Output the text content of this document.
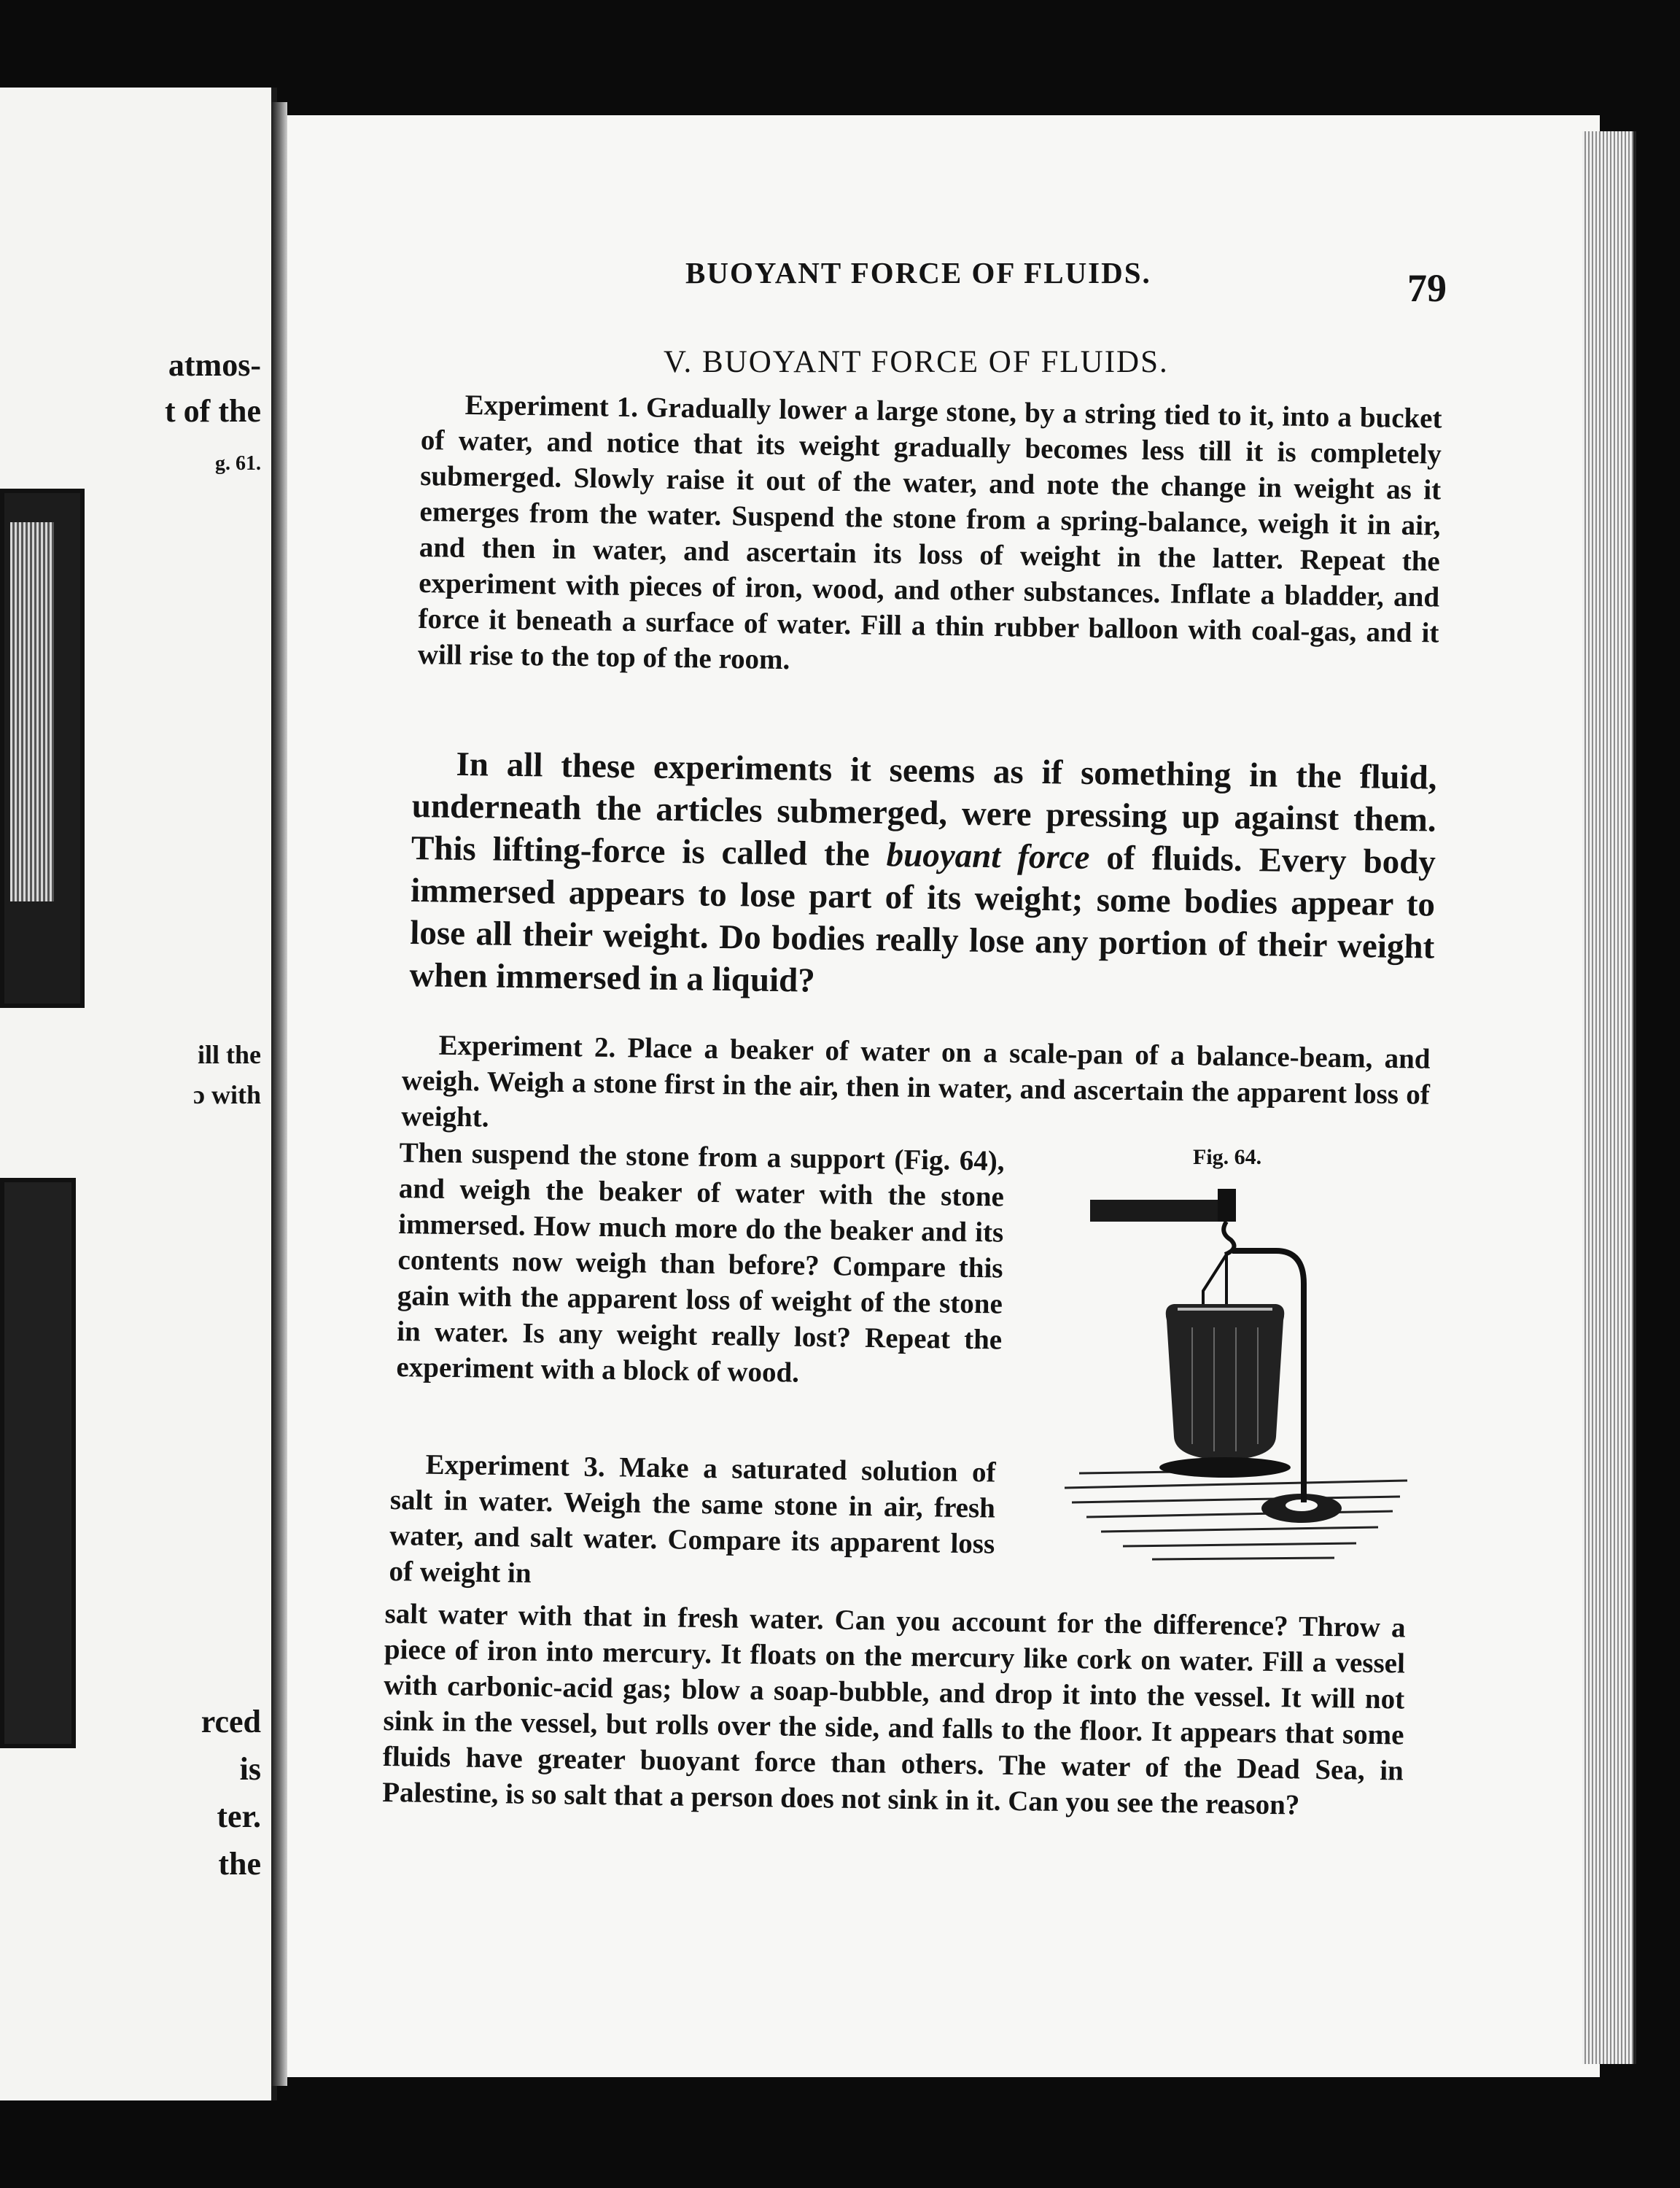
atmos-
t of the
g. 61.
ill the
ɔ with
rced
is
ter.
the
BUOYANT FORCE OF FLUIDS.	79
V. BUOYANT FORCE OF FLUIDS.

Experiment 1. Gradually lower a large stone, by a string tied to it, into a bucket of water, and notice that its weight gradually becomes less till it is completely submerged. Slowly raise it out of the water, and note the change in weight as it emerges from the water. Suspend the stone from a spring-balance, weigh it in air, and then in water, and ascertain its loss of weight in the latter. Repeat the experiment with pieces of iron, wood, and other substances. Inflate a bladder, and force it beneath a surface of water. Fill a thin rubber balloon with coal-gas, and it will rise to the top of the room.

In all these experiments it seems as if something in the fluid, underneath the articles submerged, were pressing up against them. This lifting-force is called the buoyant force of fluids. Every body immersed appears to lose part of its weight; some bodies appear to lose all their weight. Do bodies really lose any portion of their weight when immersed in a liquid?

Experiment 2. Place a beaker of water on a scale-pan of a balance-beam, and weigh. Weigh a stone first in the air, then in water, and ascertain the apparent loss of weight.

Then suspend the stone from a support (Fig. 64), and weigh the beaker of water with the stone immersed. How much more do the beaker and its contents now weigh than before? Compare this gain with the apparent loss of weight of the stone in water. Is any weight really lost? Repeat the experiment with a block of wood.

Experiment 3. Make a saturated solution of salt in water. Weigh the same stone in air, fresh water, and salt water. Compare its apparent loss of weight in

salt water with that in fresh water. Can you account for the difference? Throw a piece of iron into mercury. It floats on the mercury like cork on water. Fill a vessel with carbonic-acid gas; blow a soap-bubble, and drop it into the vessel. It will not sink in the vessel, but rolls over the side, and falls to the floor. It appears that some fluids have greater buoyant force than others. The water of the Dead Sea, in Palestine, is so salt that a person does not sink in it. Can you see the reason?

Fig. 64.
